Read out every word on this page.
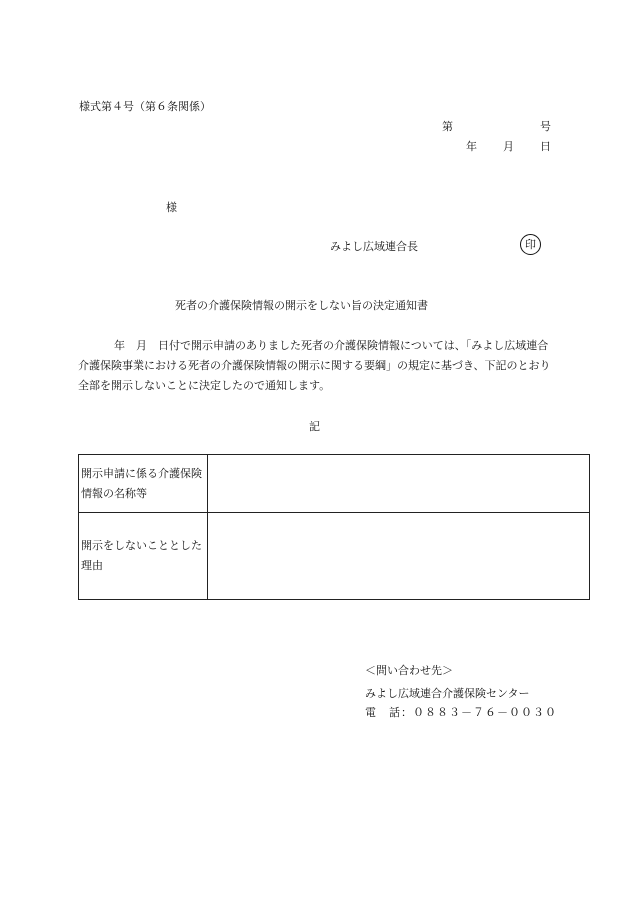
様式第４号（第６条関係）
第	号
年 月 日
様
みよし広域連合長	印
死者の介護保険情報の開示をしない旨の決定通知書
年　月　日付で開示申請のありました死者の介護保険情報については、「みよし広域連合介護保険事業における死者の介護保険情報の開示に関する要綱」の規定に基づき、下記のとおり全部を開示しないことに決定したので通知します。
記
開示申請に係る介護保険情報の名称等	
開示をしないこととした理由	
＜問い合わせ先＞
みよし広域連合介護保険センター
電　話：０８８３－７６－００３０
